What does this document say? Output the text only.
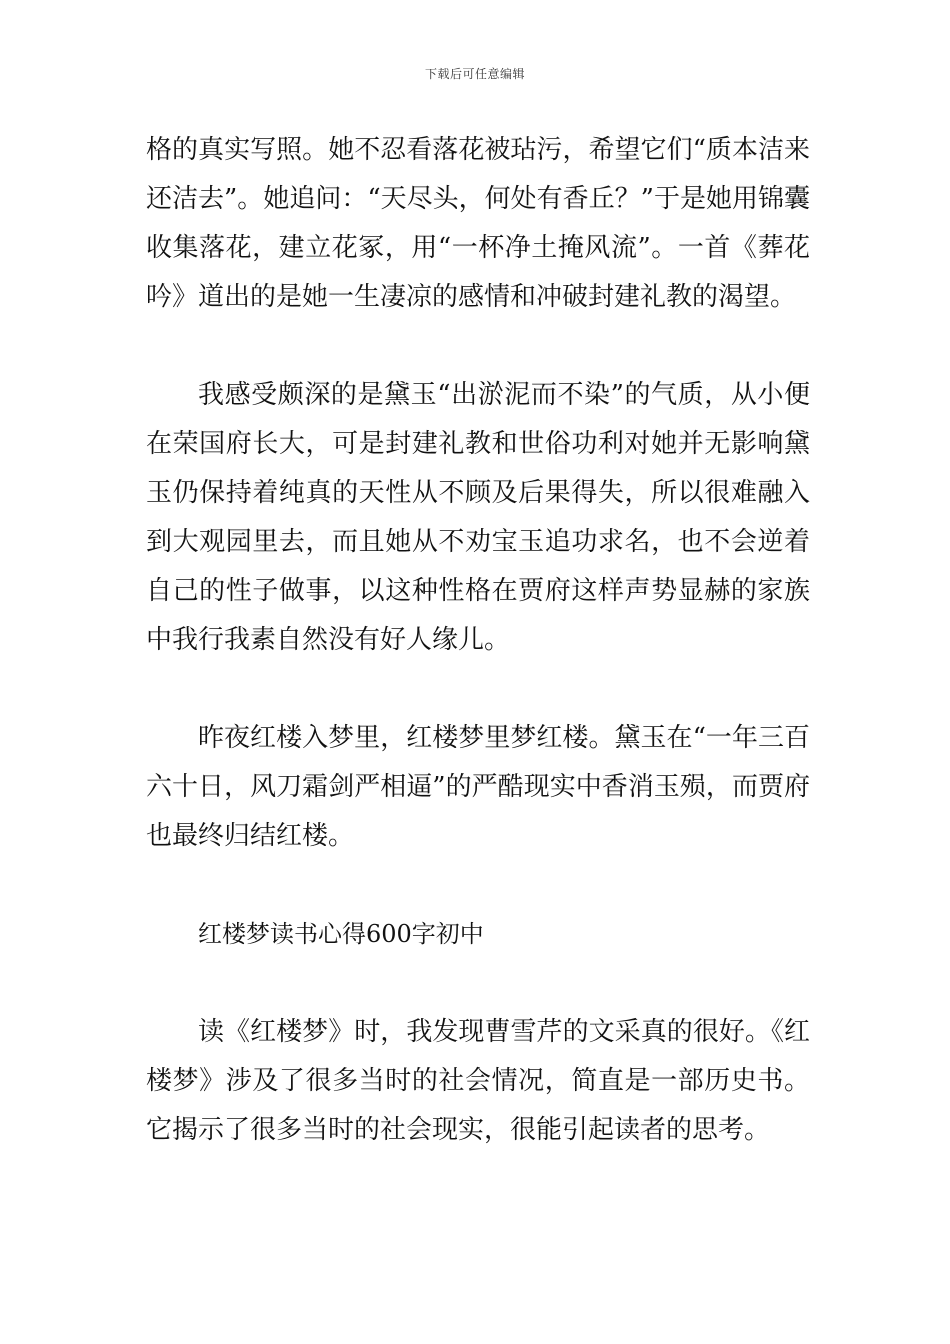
下载后可任意编辑

格的真实写照。她不忍看落花被玷污，希望它们“质本洁来还洁去”。她追问：“天尽头，何处有香丘？”于是她用锦囊收集落花，建立花冢，用“一杯净土掩风流”。一首《葬花吟》道出的是她一生凄凉的感情和冲破封建礼教的渴望。

我感受颇深的是黛玉“出淤泥而不染”的气质，从小便在荣国府长大，可是封建礼教和世俗功利对她并无影响黛玉仍保持着纯真的天性从不顾及后果得失，所以很难融入到大观园里去，而且她从不劝宝玉追功求名，也不会逆着自己的性子做事，以这种性格在贾府这样声势显赫的家族中我行我素自然没有好人缘儿。

昨夜红楼入梦里，红楼梦里梦红楼。黛玉在“一年三百六十日，风刀霜剑严相逼”的严酷现实中香消玉殒，而贾府也最终归结红楼。

红楼梦读书心得600字初中

读《红楼梦》时，我发现曹雪芹的文采真的很好。《红楼梦》涉及了很多当时的社会情况，简直是一部历史书。它揭示了很多当时的社会现实，很能引起读者的思考。
